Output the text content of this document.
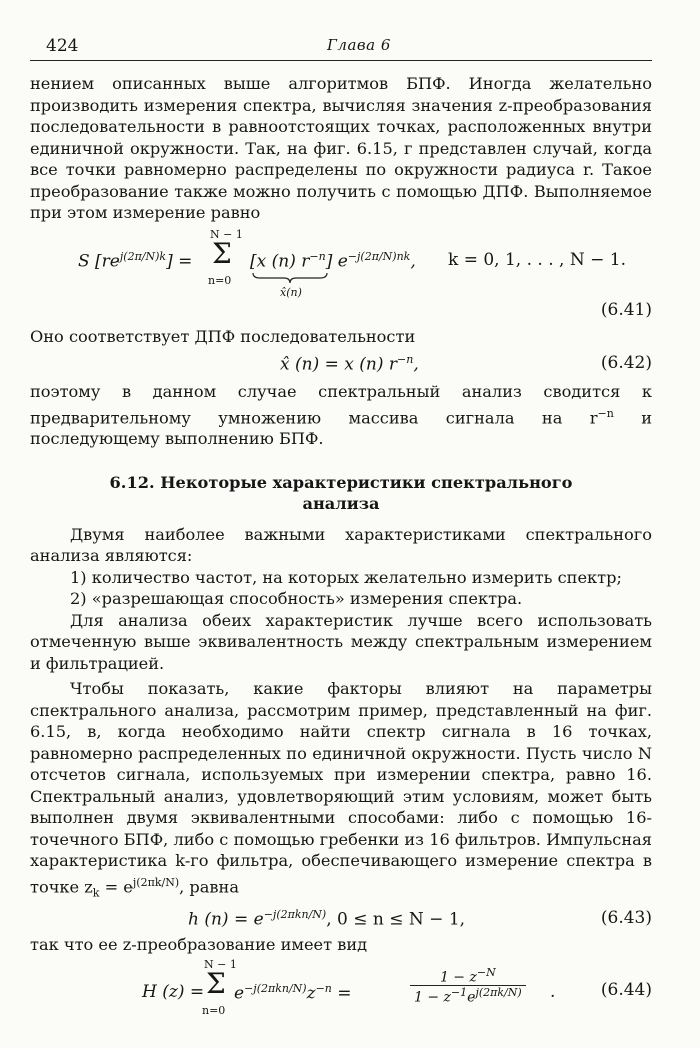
424	Глава 6

нением описанных выше алгоритмов БПФ. Иногда желательно производить измерения спектра, вычисляя значения z-преобразования последовательности в равноотстоящих точках, расположенных внутри единичной окружности. Так, на фиг. 6.15, г представлен случай, когда все точки равномерно распределены по окружности радиуса r. Такое преобразование также можно получить с помощью ДПФ. Выполняемое при этом измерение равно

S $[re^{j(2\pi/N)k}]$ =
N − 1
Σ
n=0
[x (n) $r^{-n}$] $e^{-j(2\pi/N)nk}$,
x̂(n)
k = 0, 1, . . . , N − 1.
(6.41)

Оно соответствует ДПФ последовательности

x̂ (n) = x (n) $r^{-n}$,	(6.42)

поэтому в данном случае спектральный анализ сводится к предварительному умножению массива сигнала на $r^{-n}$ и последующему выполнению БПФ.

6.12. Некоторые характеристики спектрального
анализа

Двумя наиболее важными характеристиками спектрального анализа являются:

1) количество частот, на которых желательно измерить спектр;

2) «разрешающая способность» измерения спектра.

Для анализа обеих характеристик лучше всего использовать отмеченную выше эквивалентность между спектральным измерением и фильтрацией.

Чтобы показать, какие факторы влияют на параметры спектрального анализа, рассмотрим пример, представленный на фиг. 6.15, в, когда необходимо найти спектр сигнала в 16 точках, равномерно распределенных по единичной окружности. Пусть число N отсчетов сигнала, используемых при измерении спектра, равно 16. Спектральный анализ, удовлетворяющий этим условиям, может быть выполнен двумя эквивалентными способами: либо с помощью 16-точечного БПФ, либо с помощью гребенки из 16 фильтров. Импульсная характеристика k-го фильтра, обеспечивающего измерение спектра в точке $z_k = e^{j(2\pi k/N)}$, равна

h $(n) = e^{-j(2\pi kn/N)}$, 0 ≤ n ≤ N − 1,	(6.43)

так что ее z-преобразование имеет вид

H (z) =
N − 1
Σ
n=0
$e^{-j(2\pi kn/N)}z^{-n}$ =	$\frac{1 - z^{-N}}{1 - z^{-1}e^{j(2\pi k/N)}}$ .	(6.44)
